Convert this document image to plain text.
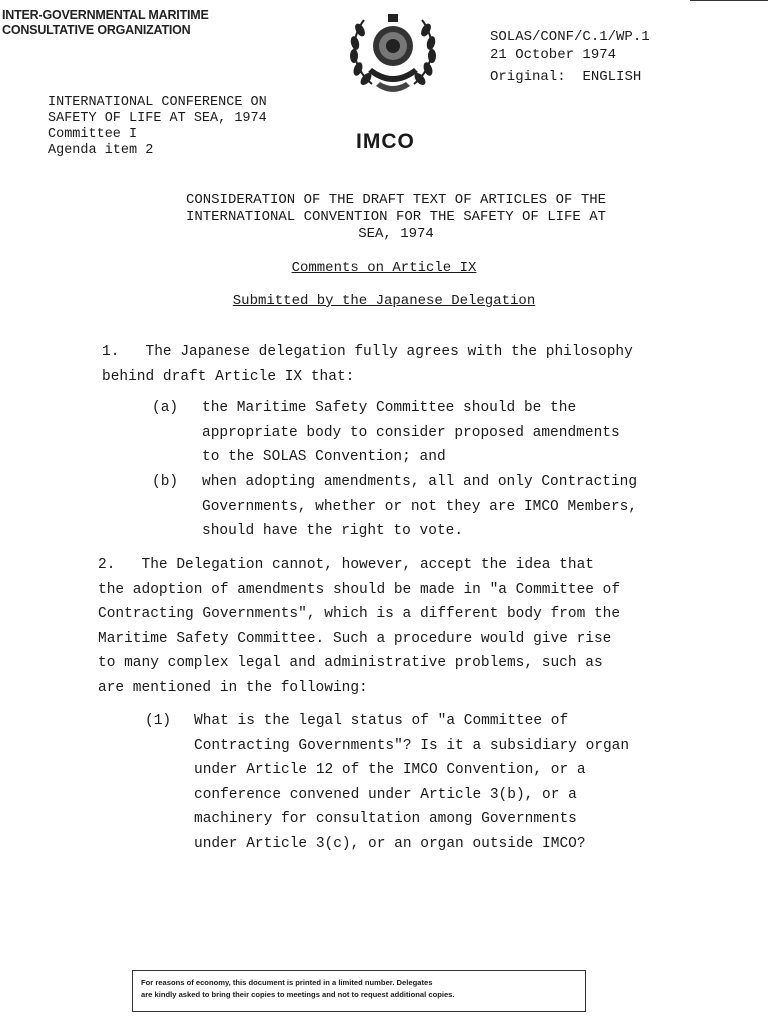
INTER-GOVERNMENTAL MARITIME
CONSULTATIVE ORGANIZATION	SOLAS/CONF/C.1/WP.1
21 October 1974
Original: ENGLISH
INTERNATIONAL CONFERENCE ON
SAFETY OF LIFE AT SEA, 1974
Committee I
Agenda item 2	IMCO
CONSIDERATION OF THE DRAFT TEXT OF ARTICLES OF THE
INTERNATIONAL CONVENTION FOR THE SAFETY OF LIFE AT
SEA, 1974
Comments on Article IX
Submitted by the Japanese Delegation
1. The Japanese delegation fully agrees with the philosophy
behind draft Article IX that:
(a) the Maritime Safety Committee should be the
appropriate body to consider proposed amendments
to the SOLAS Convention; and
(b) when adopting amendments, all and only Contracting
Governments, whether or not they are IMCO Members,
should have the right to vote.
2. The Delegation cannot, however, accept the idea that
the adoption of amendments should be made in "a Committee of
Contracting Governments", which is a different body from the
Maritime Safety Committee. Such a procedure would give rise
to many complex legal and administrative problems, such as
are mentioned in the following:
(1) What is the legal status of "a Committee of
Contracting Governments"? Is it a subsidiary organ
under Article 12 of the IMCO Convention, or a
conference convened under Article 3(b), or a
machinery for consultation among Governments
under Article 3(c), or an organ outside IMCO?
For reasons of economy, this document is printed in a limited number. Delegates
are kindly asked to bring their copies to meetings and not to request additional copies.
